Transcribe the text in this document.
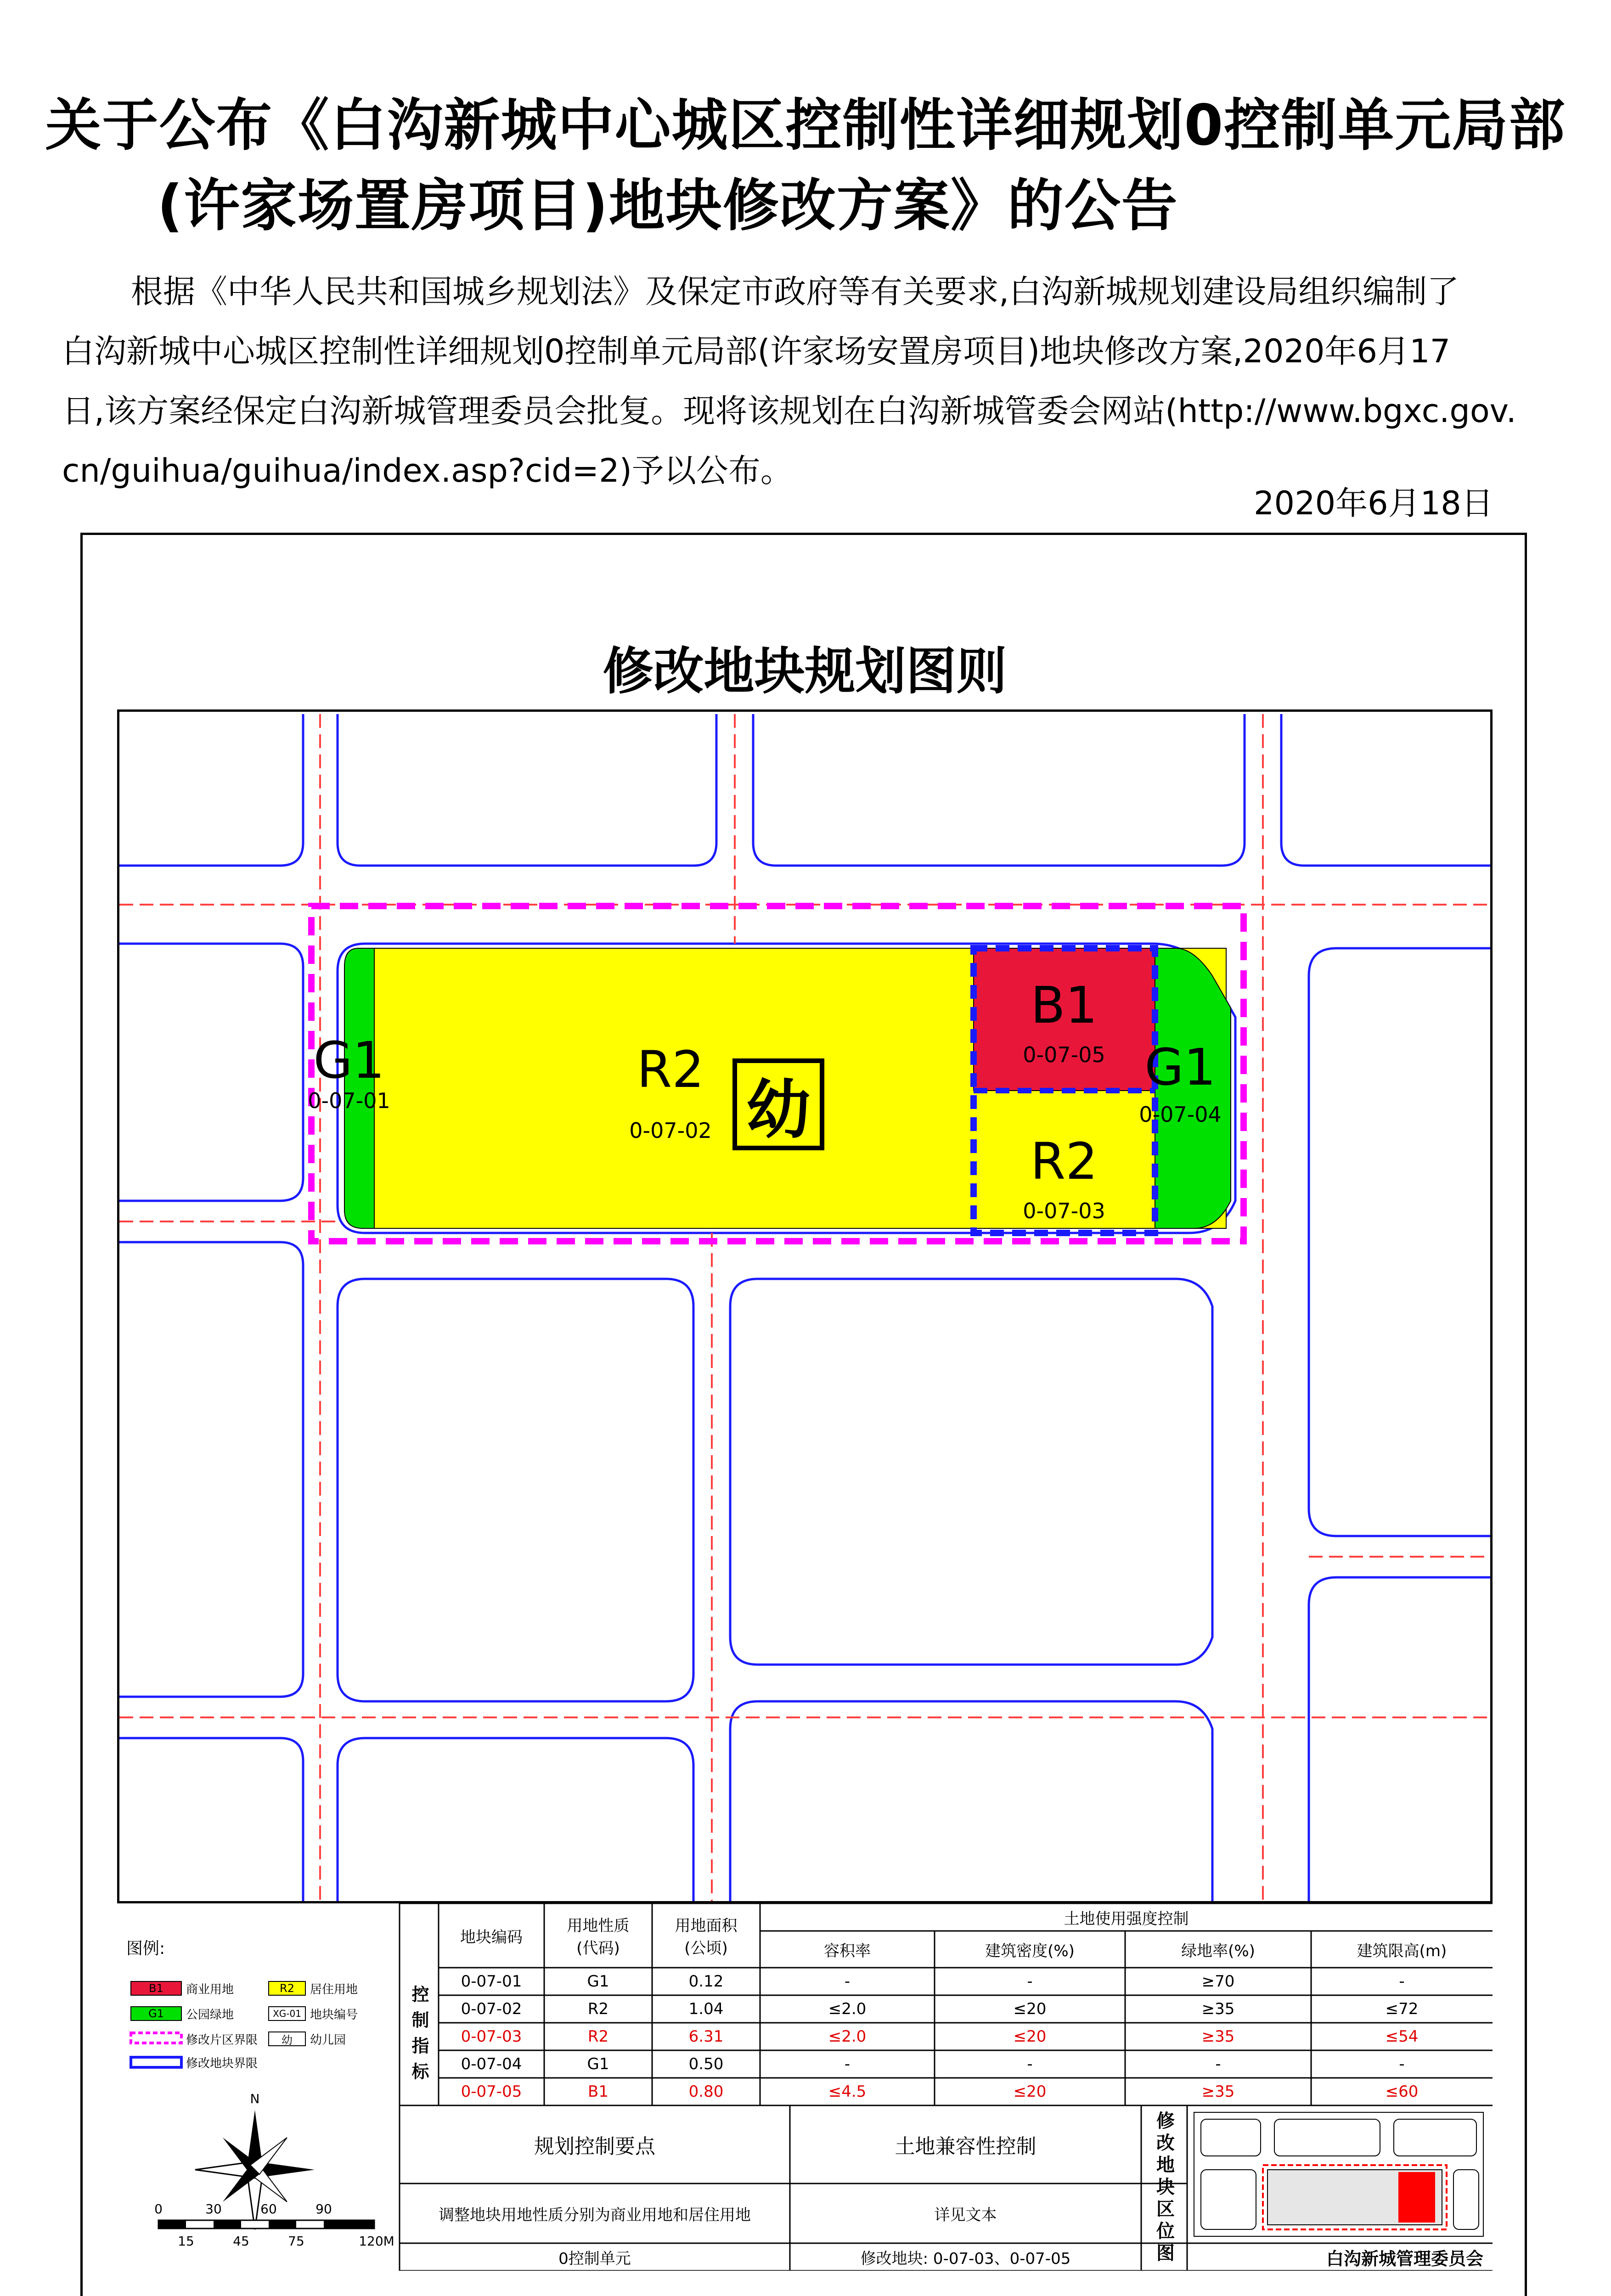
关于公布《白沟新城中心城区控制性详细规划0控制单元局部
(许家场置房项目)地块修改方案》的公告
根据《中华人民共和国城乡规划法》及保定市政府等有关要求,白沟新城规划建设局组织编制了
白沟新城中心城区控制性详细规划0控制单元局部(许家场安置房项目)地块修改方案,2020年6月17
日,该方案经保定白沟新城管理委员会批复。现将该规划在白沟新城管委会网站(http://www.bgxc.gov.
cn/guihua/guihua/index.asp?cid=2)予以公布。
2020年6月18日
G1
0-07-01
R2
0-07-02
B1
0-07-05
R2
0-07-03
G1
0-07-04
幼
修改地块规划图则
图例:
B1	商业用地	R2	居住用地
G1	公园绿地	XG-01 地块编号
修改片区界限	幼	幼儿园
修改地块界限
N
0	30	60	90
15	45	75	120M
控制指标
地块编码
用地性质(代码)
用地面积(公顷)
土地使用强度控制
容积率	建筑密度(%)	绿地率(%)	建筑限高(m)
0-07-01	G1	0.12	-	-	≥70	-
0-07-02	R2	1.04	≤2.0	≤20	≥35	≤72
0-07-03	R2	6.31	≤2.0	≤20	≥35	≤54
0-07-04	G1	0.50	-	-	-	-
0-07-05	B1	0.80	≤4.5	≤20	≥35	≤60
规划控制要点	土地兼容性控制
调整地块用地性质分别为商业用地和居住用地	详见文本
0控制单元	修改地块: 0-07-03、0-07-05	修改地块区位图	白沟新城管理委员会
